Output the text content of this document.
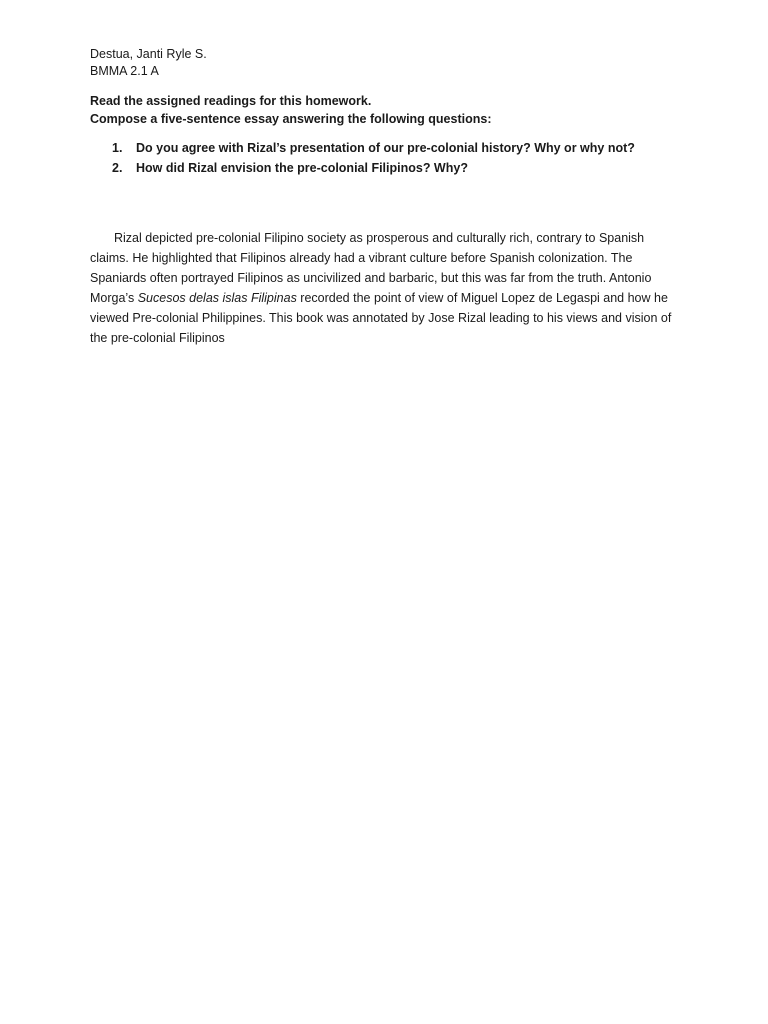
Destua, Janti Ryle S.

BMMA 2.1 A

Read the assigned readings for this homework.

Compose a five-sentence essay answering the following questions:

1.	Do you agree with Rizal’s presentation of our pre-colonial history? Why or why not?
2.	How did Rizal envision the pre-colonial Filipinos? Why?

Rizal depicted pre-colonial Filipino society as prosperous and culturally rich, contrary to Spanish claims. He highlighted that Filipinos already had a vibrant culture before Spanish colonization. The Spaniards often portrayed Filipinos as uncivilized and barbaric, but this was far from the truth. Antonio Morga’s Sucesos delas islas Filipinas recorded the point of view of Miguel Lopez de Legaspi and how he viewed Pre-colonial Philippines. This book was annotated by Jose Rizal leading to his views and vision of the pre-colonial Filipinos
